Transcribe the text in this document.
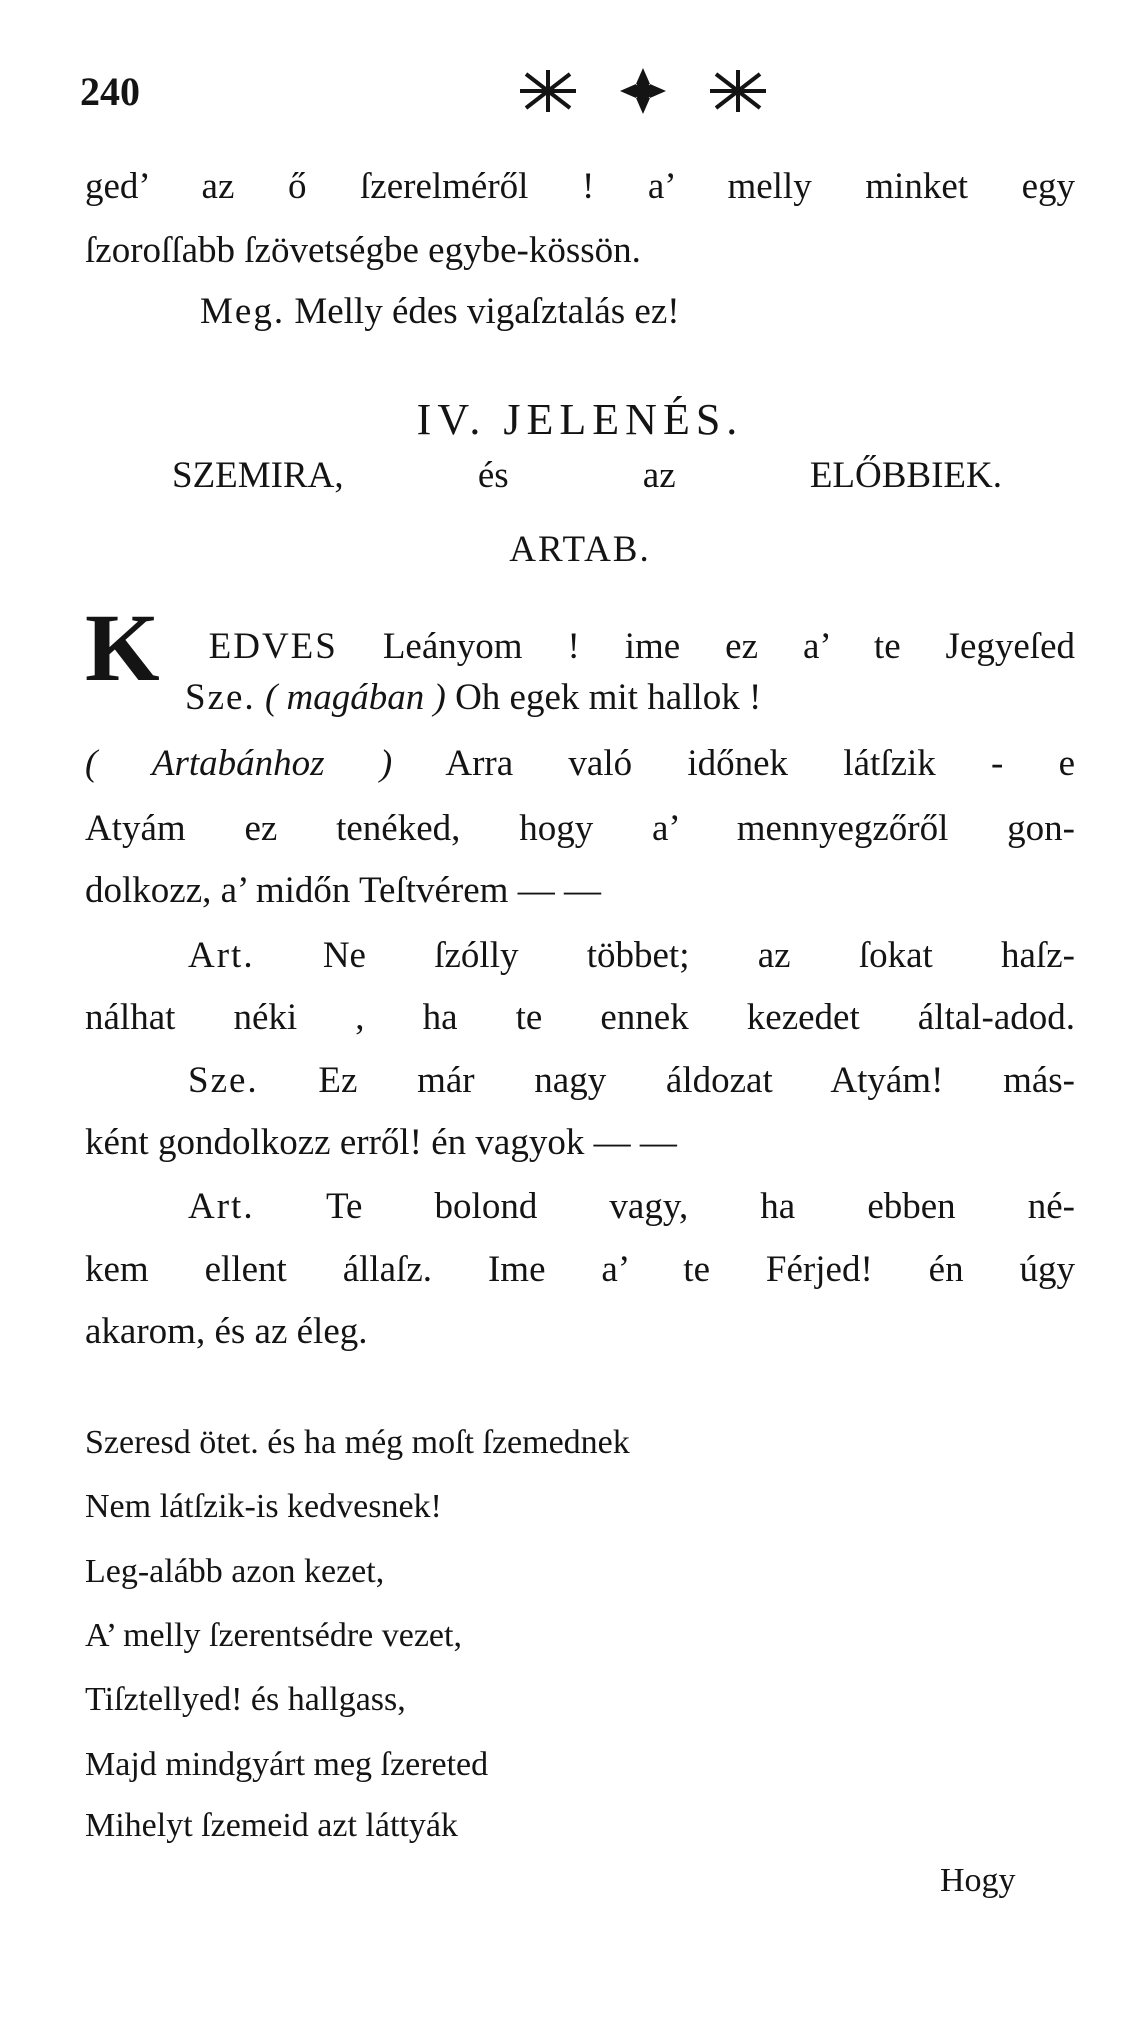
240
ged’ az ő ſzerelméről ! a’ melly minket egy
ſzoroſſabb ſzövetségbe egybe-kössön.
Meg. Melly édes vigaſztalás ez!
IV. JELENÉS.
SZEMIRA,	és az	ELŐBBIEK.
ARTAB.
K EDVES Leányom ! ime ez a’ te Jegyeſed
Sze. ( magában ) Oh egek mit hallok !
( Artabánhoz ) Arra való időnek látſzik - e
Atyám ez tenéked, hogy a’ mennyegzőről gon-
dolkozz, a’ midőn Teſtvérem — —
Art. Ne ſzólly többet; az ſokat haſz-
nálhat néki , ha te ennek kezedet által-adod.
Sze. Ez már nagy áldozat Atyám! más-
ként gondolkozz erről! én vagyok — —
Art. Te bolond vagy, ha ebben né-
kem ellent állaſz. Ime a’ te Férjed! én úgy
akarom, és az éleg.
Szeresd ötet. és ha még moſt ſzemednek
Nem látſzik-is kedvesnek!
Leg-alább azon kezet,
A’ melly ſzerentsédre vezet,
Tiſztellyed! és hallgass,
Majd mindgyárt meg ſzereted
Mihelyt ſzemeid azt láttyák
Hogy
